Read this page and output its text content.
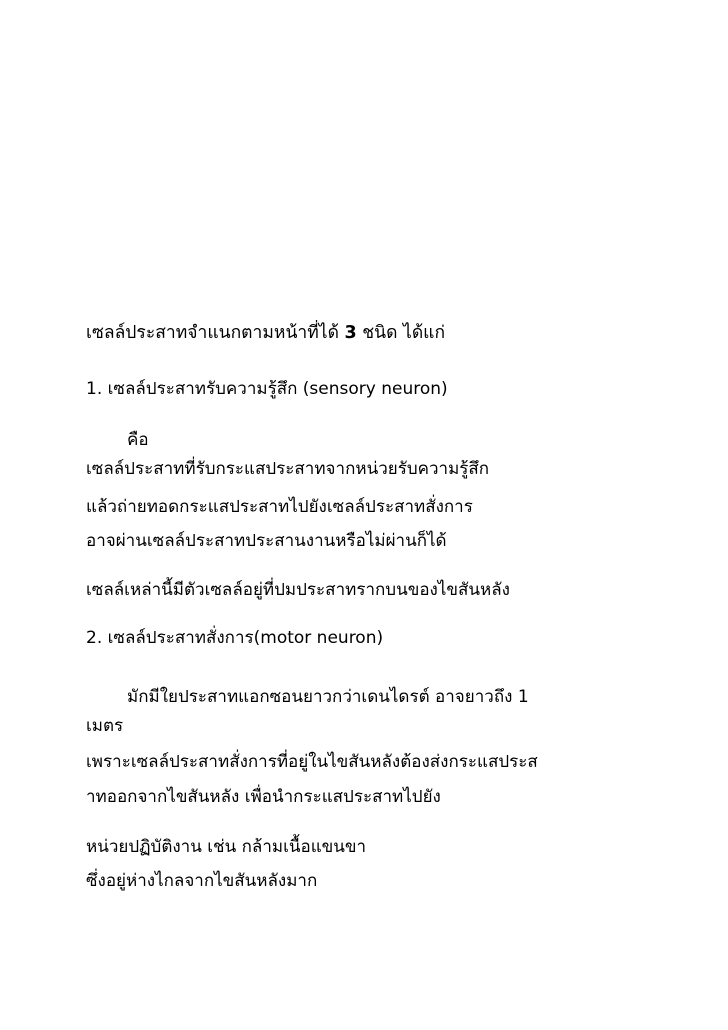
เซลล์ประสาทจำแนกตามหน้าที่ได้ 3 ชนิด ได้แก่
1. เซลล์ประสาทรับความรู้สึก (sensory neuron)
คือ
เซลล์ประสาทที่รับกระแสประสาทจากหน่วยรับความรู้สึก
แล้วถ่ายทอดกระแสประสาทไปยังเซลล์ประสาทสั่งการ
อาจผ่านเซลล์ประสาทประสานงานหรือไม่ผ่านก็ได้
เซลล์เหล่านี้มีตัวเซลล์อยู่ที่ปมประสาทรากบนของไขสันหลัง
2. เซลล์ประสาทสั่งการ(motor neuron)
มักมีใยประสาทแอกซอนยาวกว่าเดนไดรต์ อาจยาวถึง 1
เมตร
เพราะเซลล์ประสาทสั่งการที่อยู่ในไขสันหลังต้องส่งกระแสประส
าทออกจากไขสันหลัง เพื่อนำกระแสประสาทไปยัง
หน่วยปฏิบัติงาน เช่น กล้ามเนื้อแขนขา
ซึ่งอยู่ห่างไกลจากไขสันหลังมาก
